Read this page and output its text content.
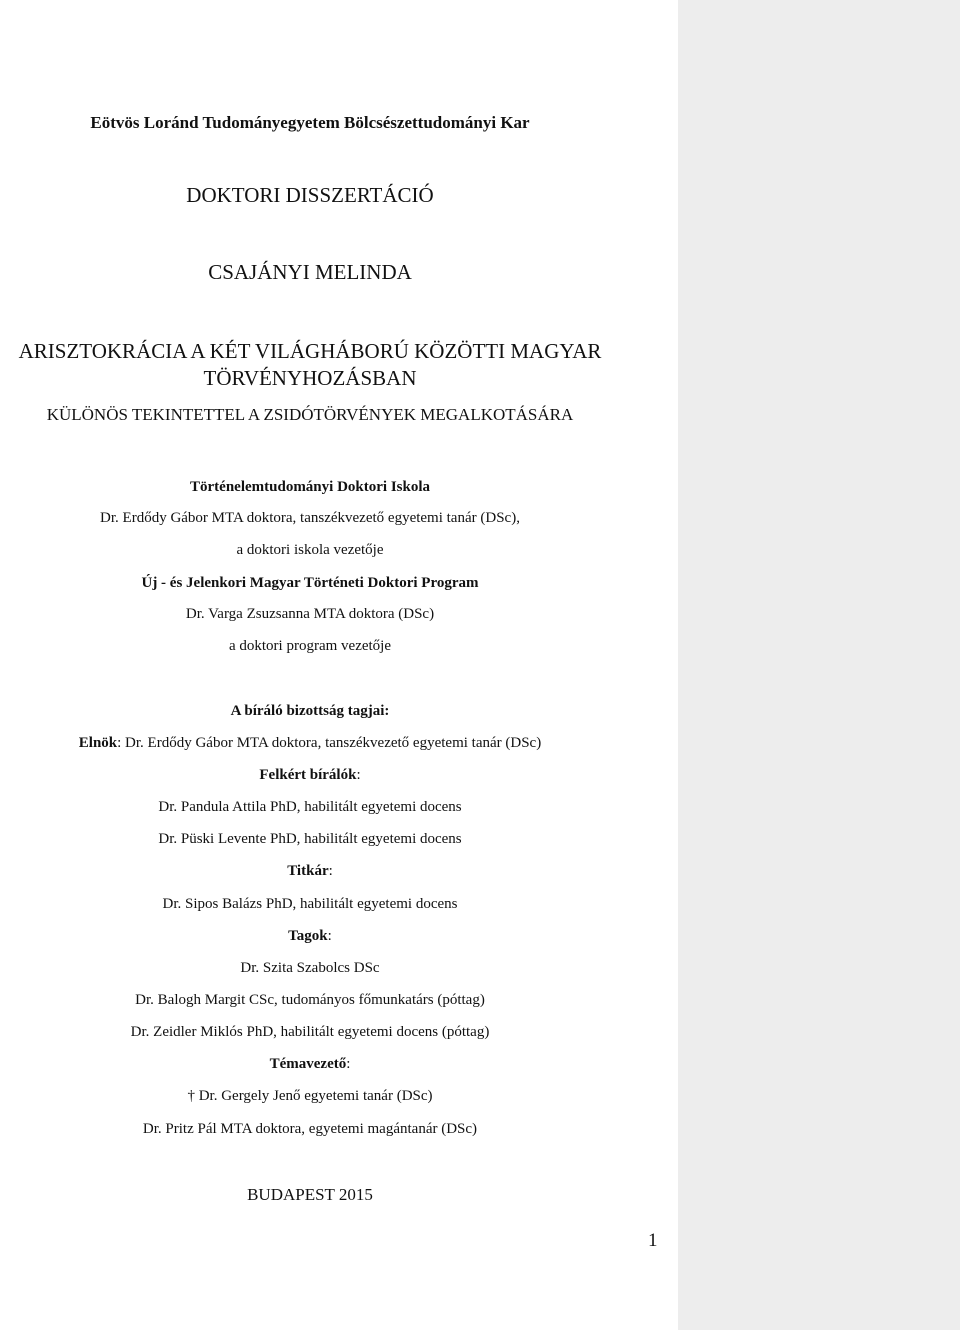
Eötvös Loránd Tudományegyetem Bölcsészettudományi Kar
DOKTORI DISSZERTÁCIÓ
CSAJÁNYI MELINDA
ARISZTOKRÁCIA A KÉT VILÁGHÁBORÚ KÖZÖTTI MAGYAR
TÖRVÉNYHOZÁSBAN
KÜLÖNÖS TEKINTETTEL A ZSIDÓTÖRVÉNYEK MEGALKOTÁSÁRA
Történelemtudományi Doktori Iskola
Dr. Erdődy Gábor MTA doktora, tanszékvezető egyetemi tanár (DSc),
a doktori iskola vezetője
Új - és Jelenkori Magyar Történeti Doktori Program
Dr. Varga Zsuzsanna MTA doktora (DSc)
a doktori program vezetője
A bíráló bizottság tagjai:
Elnök: Dr. Erdődy Gábor MTA doktora, tanszékvezető egyetemi tanár (DSc)
Felkért bírálók:
Dr. Pandula Attila PhD, habilitált egyetemi docens
Dr. Püski Levente PhD, habilitált egyetemi docens
Titkár:
Dr. Sipos Balázs PhD, habilitált egyetemi docens
Tagok:
Dr. Szita Szabolcs DSc
Dr. Balogh Margit CSc, tudományos főmunkatárs (póttag)
Dr. Zeidler Miklós PhD, habilitált egyetemi docens (póttag)
Témavezető:
† Dr. Gergely Jenő egyetemi tanár (DSc)
Dr. Pritz Pál MTA doktora, egyetemi magántanár (DSc)
BUDAPEST 2015
1
